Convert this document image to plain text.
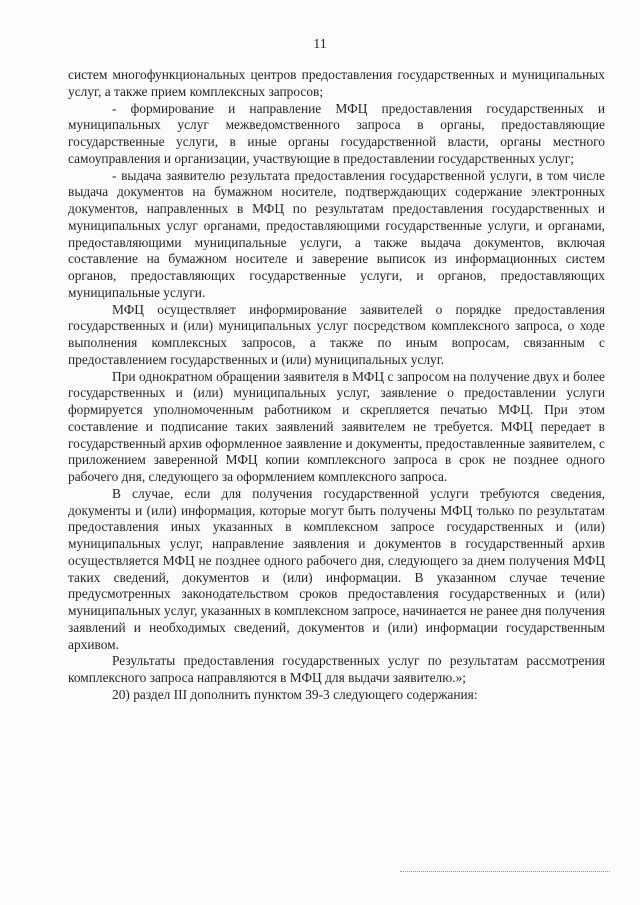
11

систем многофункциональных центров предоставления государственных и муниципальных услуг, а также прием комплексных запросов;

- формирование и направление МФЦ предоставления государственных и муниципальных услуг межведомственного запроса в органы, предоставляющие государственные услуги, в иные органы государственной власти, органы местного самоуправления и организации, участвующие в предоставлении государственных услуг;

- выдача заявителю результата предоставления государственной услуги, в том числе выдача документов на бумажном носителе, подтверждающих содержание электронных документов, направленных в МФЦ по результатам предоставления государственных и муниципальных услуг органами, предоставляющими государственные услуги, и органами, предоставляющими муниципальные услуги, а также выдача документов, включая составление на бумажном носителе и заверение выписок из информационных систем органов, предоставляющих государственные услуги, и органов, предоставляющих муниципальные услуги.

МФЦ осуществляет информирование заявителей о порядке предоставления государственных и (или) муниципальных услуг посредством комплексного запроса, о ходе выполнения комплексных запросов, а также по иным вопросам, связанным с предоставлением государственных и (или) муниципальных услуг.

При однократном обращении заявителя в МФЦ с запросом на получение двух и более государственных и (или) муниципальных услуг, заявление о предоставлении услуги формируется уполномоченным работником и скрепляется печатью МФЦ. При этом составление и подписание таких заявлений заявителем не требуется. МФЦ передает в государственный архив оформленное заявление и документы, предоставленные заявителем, с приложением заверенной МФЦ копии комплексного запроса в срок не позднее одного рабочего дня, следующего за оформлением комплексного запроса.

В случае, если для получения государственной услуги требуются сведения, документы и (или) информация, которые могут быть получены МФЦ только по результатам предоставления иных указанных в комплексном запросе государственных и (или) муниципальных услуг, направление заявления и документов в государственный архив осуществляется МФЦ не позднее одного рабочего дня, следующего за днем получения МФЦ таких сведений, документов и (или) информации. В указанном случае течение предусмотренных законодательством сроков предоставления государственных и (или) муниципальных услуг, указанных в комплексном запросе, начинается не ранее дня получения заявлений и необходимых сведений, документов и (или) информации государственным архивом.

Результаты предоставления государственных услуг по результатам рассмотрения комплексного запроса направляются в МФЦ для выдачи заявителю.»;

20) раздел III дополнить пунктом 39-3 следующего содержания:
